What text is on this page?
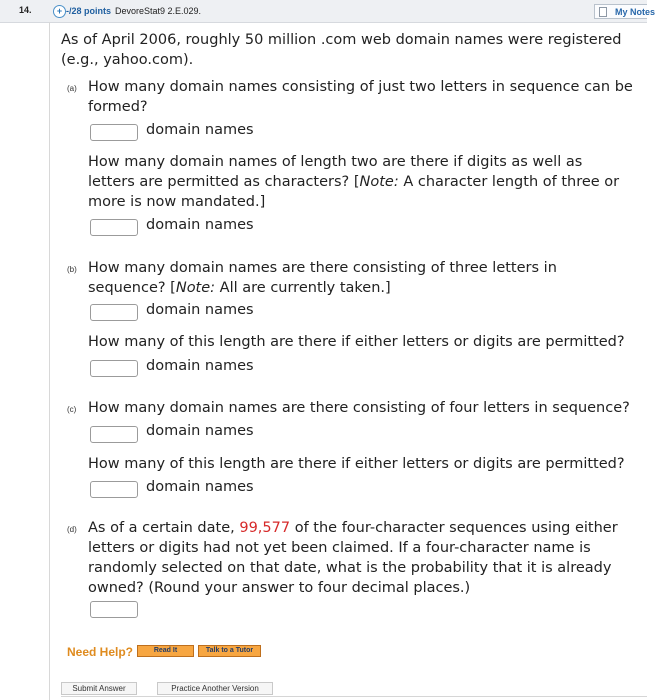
14.	+ -/28 points DevoreStat9 2.E.029.	My Notes
As of April 2006, roughly 50 million .com web domain names were registered (e.g., yahoo.com).
(a) How many domain names consisting of just two letters in sequence can be formed?
domain names
How many domain names of length two are there if digits as well as letters are permitted as characters? [Note: A character length of three or more is now mandated.]
domain names
(b) How many domain names are there consisting of three letters in sequence? [Note: All are currently taken.]
domain names
How many of this length are there if either letters or digits are permitted?
domain names
(c) How many domain names are there consisting of four letters in sequence?
domain names
How many of this length are there if either letters or digits are permitted?
domain names
(d) As of a certain date, 99,577 of the four-character sequences using either letters or digits had not yet been claimed. If a four-character name is randomly selected on that date, what is the probability that it is already owned? (Round your answer to four decimal places.)
Need Help?	Read It	Talk to a Tutor
Submit Answer	Practice Another Version
